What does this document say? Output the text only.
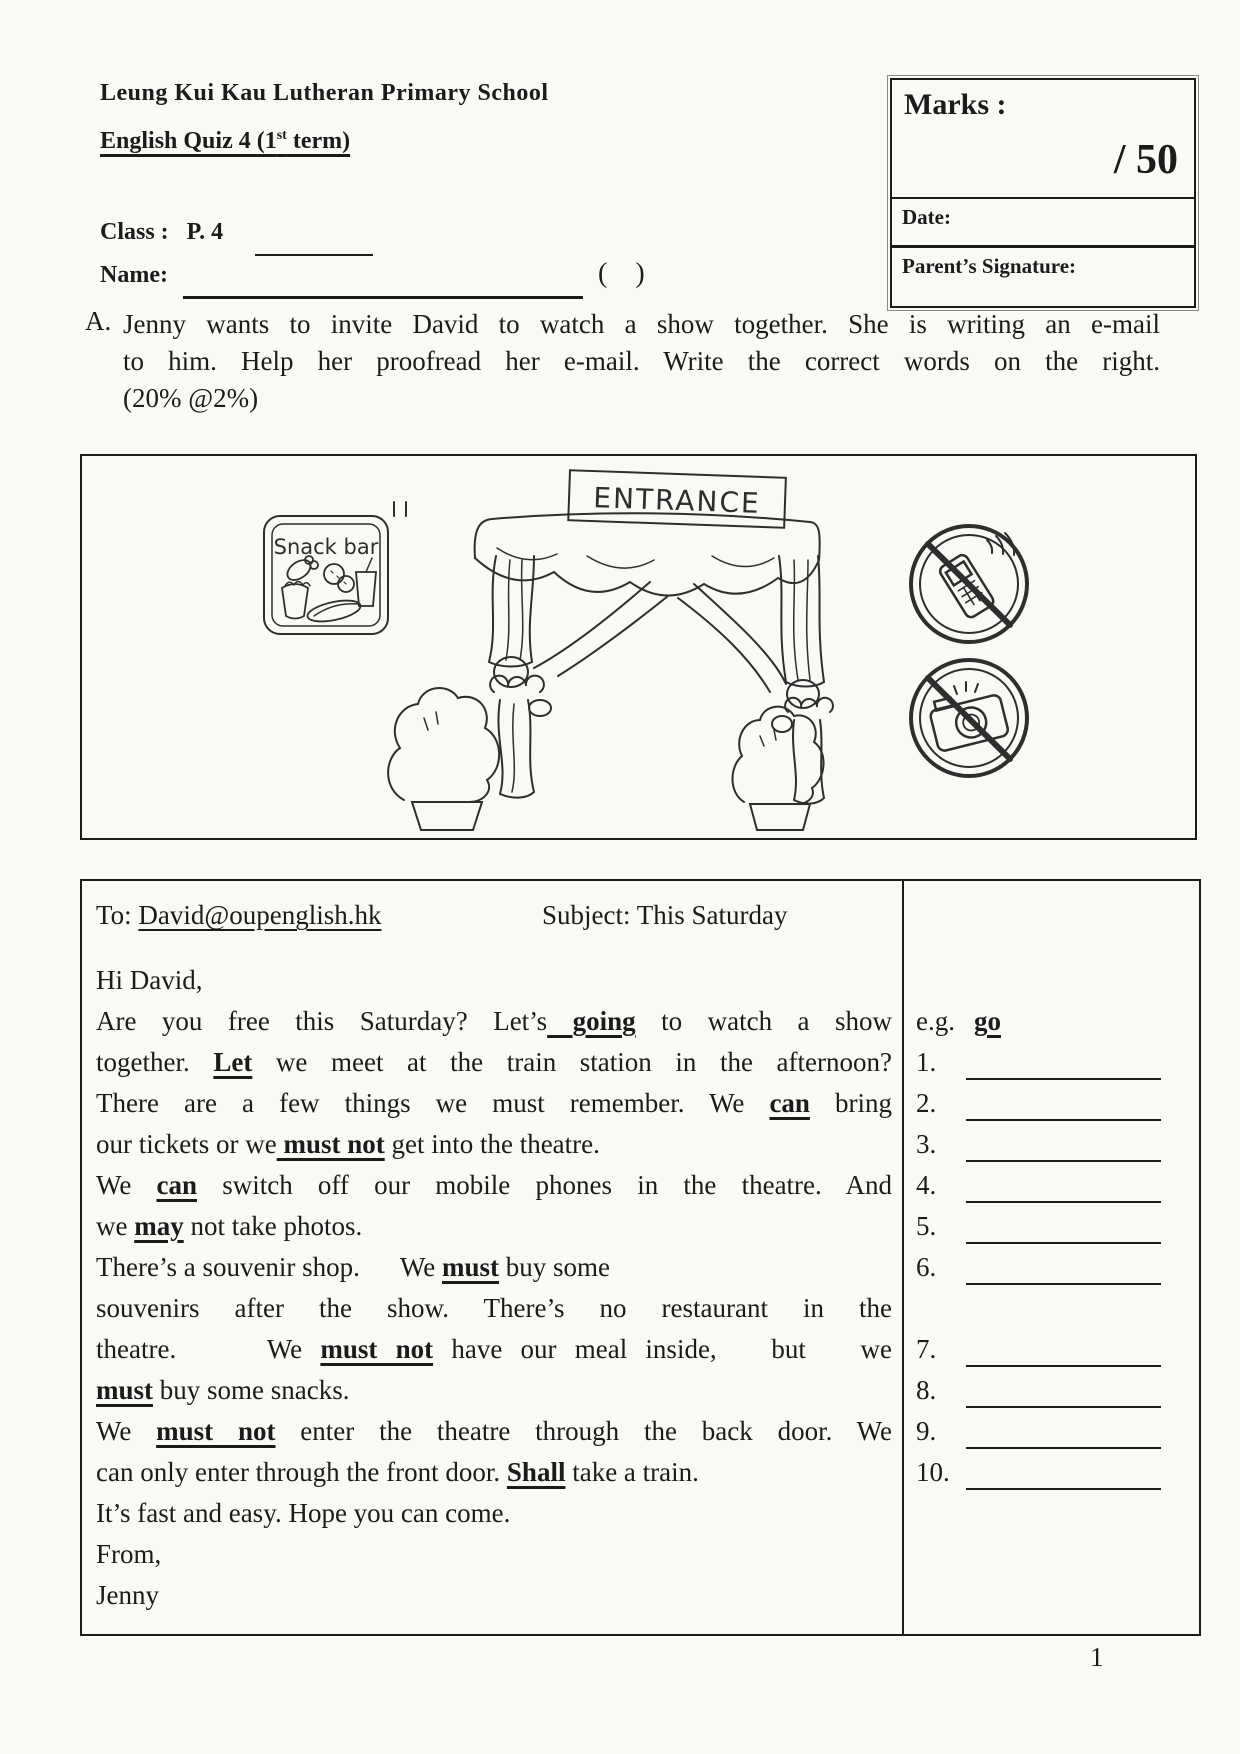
Leung Kui Kau Lutheran Primary School
English Quiz 4 (1st term)
Class :   P. 4
Name:	(    )
Marks :
/ 50
Date:
Parent’s Signature:
A. Jenny wants to invite David to watch a show together. She is writing an e-mail
to him. Help her proofread her e-mail. Write the correct words on the right.
(20% @2%)
ENTRANCE
Snack bar
To: David@oupenglish.hk	Subject: This Saturday
Hi David,
Are you free this Saturday? Let’s going to watch a show
together. Let we meet at the train station in the afternoon?
There are a few things we must remember. We can bring
our tickets or we must not get into the theatre.
We can switch off our mobile phones in the theatre. And
we may not take photos.
There’s a souvenir shop.      We must buy some
souvenirs after the show. There’s no restaurant in the
theatre.     We must not have our meal inside,   but   we
must buy some snacks.
We must not enter the theatre through the back door. We
can only enter through the front door. Shall take a train.
It’s fast and easy. Hope you can come.
From,
Jenny
e.g. go
1.
2.
3.
4.
5.
6.
7.
8.
9.
10.
1
